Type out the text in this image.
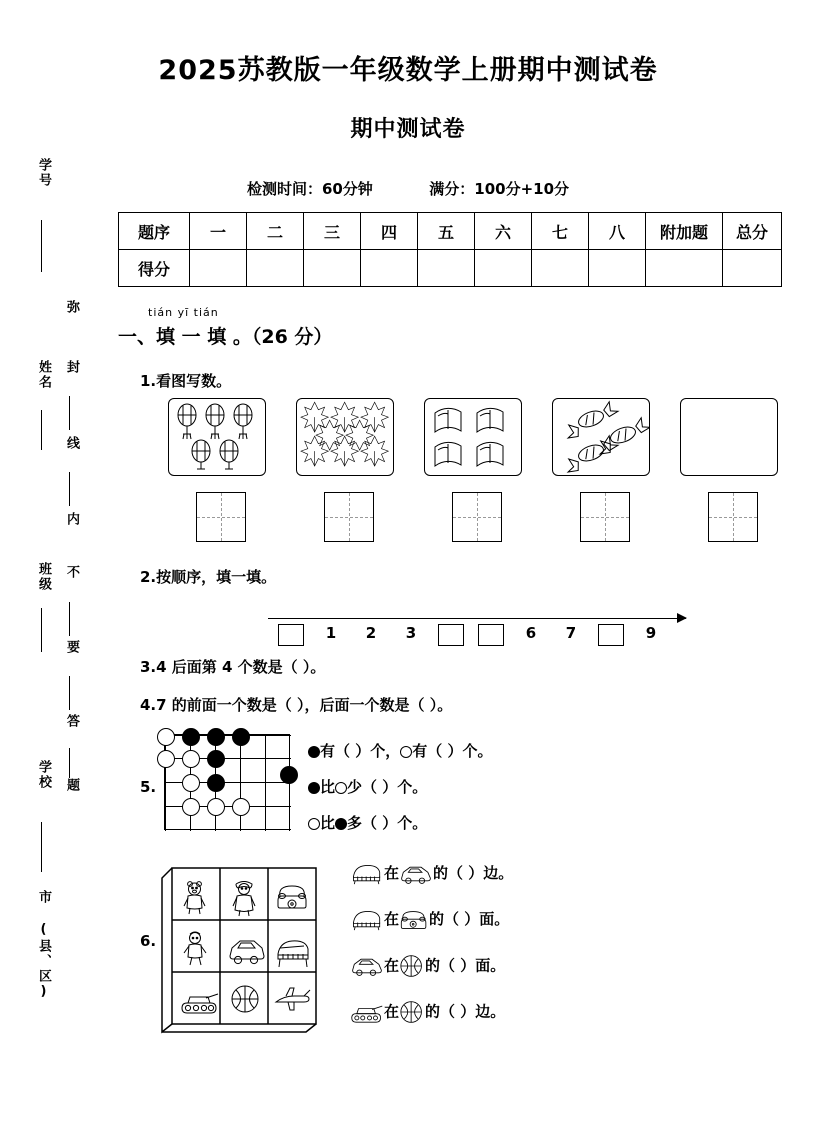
学号
弥
姓名 封
线
内
班级 不
要
答
学校 题
市 (县、区)
2025苏教版一年级数学上册期中测试卷
期中测试卷
检测时间：60分钟	满分：100分+10分
题序	一	二	三	四	五	六	七	八	附加题	总分
得分										
tián yī tián
一、填 一 填 。（26 分）
1.看图写数。
2.按顺序，填一填。
1	2	3	6	7	9
3.4 后面第 4 个数是（ ）。
4.7 的前面一个数是（ ），后面一个数是（ ）。
5.
有（ ）个， 有（ ）个。
比 少（ ）个。
比 多（ ）个。
6.
在 的（ ）边。
在 的（ ）面。
在 的（ ）面。
在 的（ ）边。
